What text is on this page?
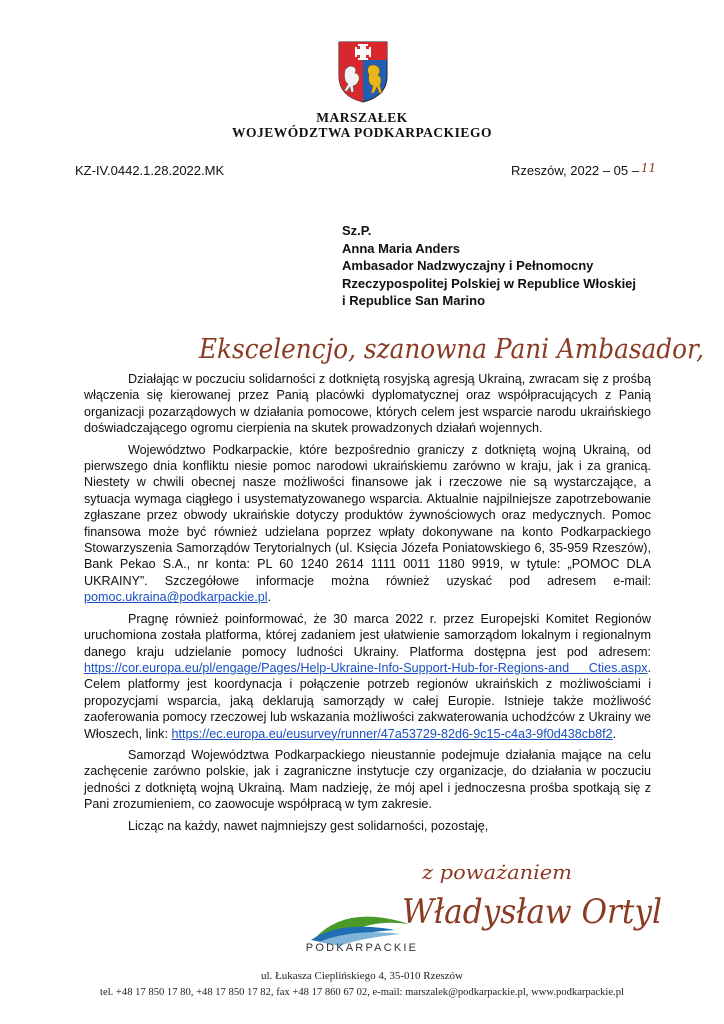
MARSZAŁEK
WOJEWÓDZTWA PODKARPACKIEGO
KZ-IV.0442.1.28.2022.MK	Rzeszów, 2022 – 05 – 11
Sz.P.
Anna Maria Anders
Ambasador Nadzwyczajny i Pełnomocny
Rzeczypospolitej Polskiej w Republice Włoskiej
i Republice San Marino
Ekscelencjo, szanowna Pani Ambasador,

Działając w poczuciu solidarności z dotkniętą rosyjską agresją Ukrainą, zwracam się z prośbą włączenia się kierowanej przez Panią placówki dyplomatycznej oraz współpracujących z Panią organizacji pozarządowych w działania pomocowe, których celem jest wsparcie narodu ukraińskiego doświadczającego ogromu cierpienia na skutek prowadzonych działań wojennych.

Województwo Podkarpackie, które bezpośrednio graniczy z dotkniętą wojną Ukrainą, od pierwszego dnia konfliktu niesie pomoc narodowi ukraińskiemu zarówno w kraju, jak i za granicą. Niestety w chwili obecnej nasze możliwości finansowe jak i rzeczowe nie są wystarczające, a sytuacja wymaga ciągłego i usystematyzowanego wsparcia. Aktualnie najpilniejsze zapotrzebowanie zgłaszane przez obwody ukraińskie dotyczy produktów żywnościowych oraz medycznych. Pomoc finansowa może być również udzielana poprzez wpłaty dokonywane na konto Podkarpackiego Stowarzyszenia Samorządów Terytorialnych (ul. Księcia Józefa Poniatowskiego 6, 35-959 Rzeszów), Bank Pekao S.A., nr konta: PL 60 1240 2614 1111 0011 1180 9919, w tytule: „POMOC DLA UKRAINY”. Szczegółowe informacje można również uzyskać pod adresem e-mail: pomoc.ukraina@podkarpackie.pl.

Pragnę również poinformować, że 30 marca 2022 r. przez Europejski Komitet Regionów uruchomiona została platforma, której zadaniem jest ułatwienie samorządom lokalnym i regionalnym danego kraju udzielanie pomocy ludności Ukrainy. Platforma dostępna jest pod adresem: https://cor.europa.eu/pl/engage/Pages/Help-Ukraine-Info-Support-Hub-for-Regions-and Cties.aspx. Celem platformy jest koordynacja i połączenie potrzeb regionów ukraińskich z możliwościami i propozycjami wsparcia, jaką deklarują samorządy w całej Europie. Istnieje także możliwość zaoferowania pomocy rzeczowej lub wskazania możliwości zakwaterowania uchodźców z Ukrainy we Włoszech, link: https://ec.europa.eu/eusurvey/runner/47a53729-82d6-9c15-c4a3-9f0d438cb8f2.

Samorząd Województwa Podkarpackiego nieustannie podejmuje działania mające na celu zachęcenie zarówno polskie, jak i zagraniczne instytucje czy organizacje, do działania w poczuciu jedności z dotkniętą wojną Ukrainą. Mam nadzieję, że mój apel i jednoczesna prośba spotkają się z Pani zrozumieniem, co zaowocuje współpracą w tym zakresie.

Licząc na każdy, nawet najmniejszy gest solidarności, pozostaję,

z poważaniem
Władysław Ortyl
PODKARPACKIE
ul. Łukasza Cieplińskiego 4, 35-010 Rzeszów
tel. +48 17 850 17 80, +48 17 850 17 82, fax +48 17 860 67 02, e-mail: marszalek@podkarpackie.pl, www.podkarpackie.pl
